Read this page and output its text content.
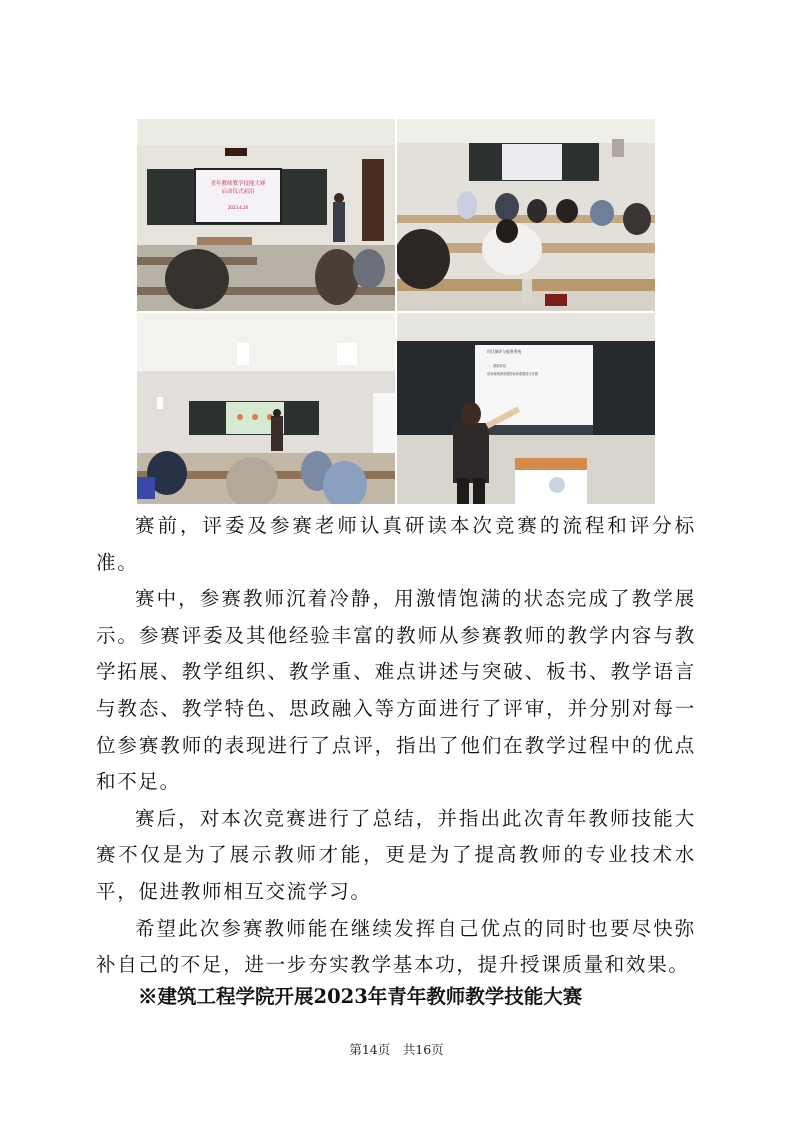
青年教师教学技能大赛
启动仪式前沿
2023.4.26
项目测评与服务系统
一、测试评估
应用案例者所需指标体系建设与开展

赛前，评委及参赛老师认真研读本次竞赛的流程和评分标准。

赛中，参赛教师沉着冷静，用激情饱满的状态完成了教学展示。参赛评委及其他经验丰富的教师从参赛教师的教学内容与教学拓展、教学组织、教学重、难点讲述与突破、板书、教学语言与教态、教学特色、思政融入等方面进行了评审，并分别对每一位参赛教师的表现进行了点评，指出了他们在教学过程中的优点和不足。

赛后，对本次竞赛进行了总结，并指出此次青年教师技能大赛不仅是为了展示教师才能，更是为了提高教师的专业技术水平，促进教师相互交流学习。

希望此次参赛教师能在继续发挥自己优点的同时也要尽快弥补自己的不足，进一步夯实教学基本功，提升授课质量和效果。

※建筑工程学院开展2023年青年教师教学技能大赛
第14页　共16页
